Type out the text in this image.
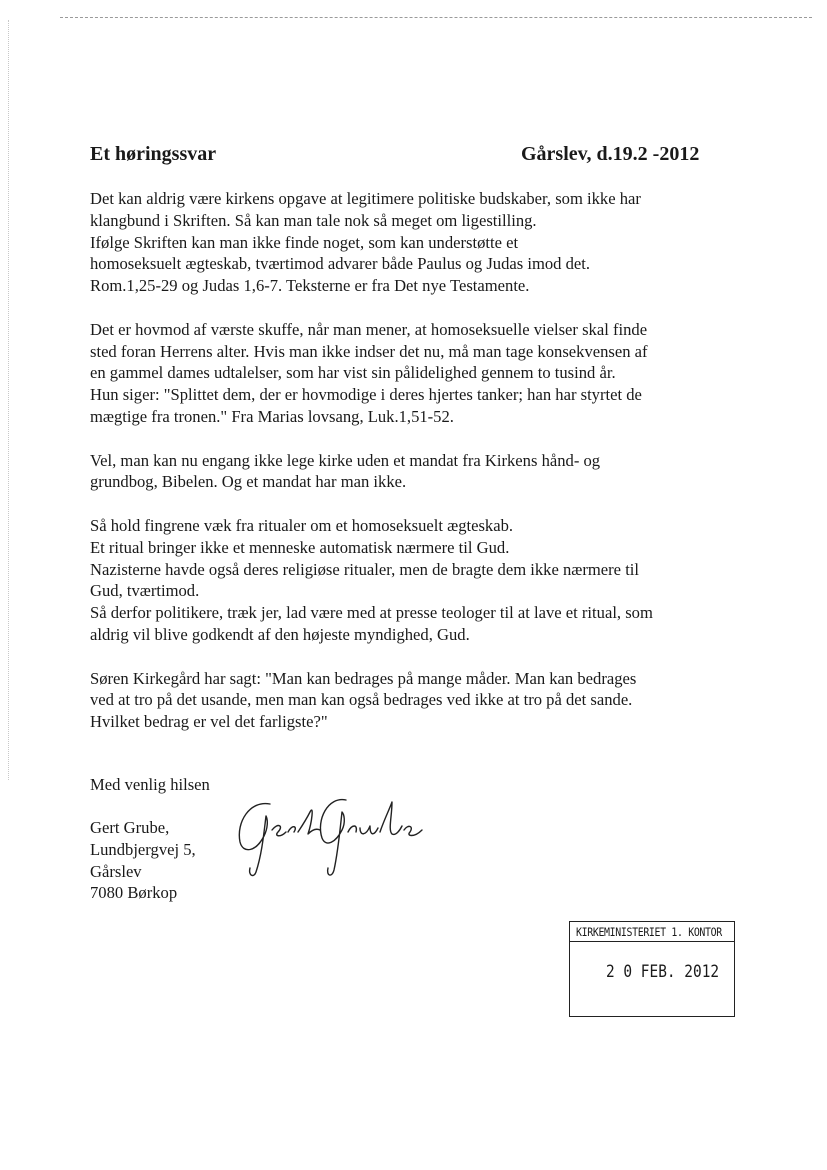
Et høringssvar	Gårslev, d.19.2 -2012

Det kan aldrig være kirkens opgave at legitimere politiske budskaber, som ikke har
klangbund i Skriften. Så kan man tale nok så meget om ligestilling.
Ifølge Skriften kan man ikke finde noget, som kan understøtte et
homoseksuelt ægteskab, tværtimod advarer både Paulus og Judas imod det.
Rom.1,25-29 og Judas 1,6-7. Teksterne er fra Det nye Testamente.

Det er hovmod af værste skuffe, når man mener, at homoseksuelle vielser skal finde
sted foran Herrens alter. Hvis man ikke indser det nu, må man tage konsekvensen af
en gammel dames udtalelser, som har vist sin pålidelighed gennem to tusind år.
Hun siger: "Splittet dem, der er hovmodige i deres hjertes tanker; han har styrtet de
mægtige fra tronen." Fra Marias lovsang, Luk.1,51-52.

Vel, man kan nu engang ikke lege kirke uden et mandat fra Kirkens hånd- og
grundbog, Bibelen. Og et mandat har man ikke.

Så hold fingrene væk fra ritualer om et homoseksuelt ægteskab.
Et ritual bringer ikke et menneske automatisk nærmere til Gud.
Nazisterne havde også deres religiøse ritualer, men de bragte dem ikke nærmere til
Gud, tværtimod.
Så derfor politikere, træk jer, lad være med at presse teologer til at lave et ritual, som
aldrig vil blive godkendt af den højeste myndighed, Gud.

Søren Kirkegård har sagt: "Man kan bedrages på mange måder. Man kan bedrages
ved at tro på det usande, men man kan også bedrages ved ikke at tro på det sande.
Hvilket bedrag er vel det farligste?"

Med venlig hilsen

Gert Grube,
Lundbjergvej 5,
Gårslev
7080 Børkop
KIRKEMINISTERIET 1. KONTOR
2 0 FEB. 2012
